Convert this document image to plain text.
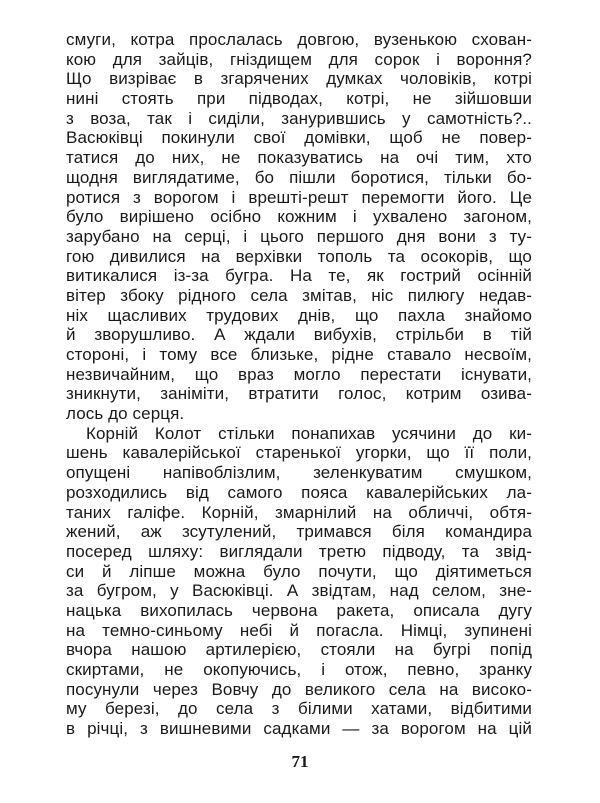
смуги, котра прослалась довгою, вузенькою схован-
кою для зайців, гніздищем для сорок і вороння?
Що визріває в згарячених думках чоловіків, котрі
нині стоять при підводах, котрі, не зійшовши
з воза, так і сиділи, занурившись у самотність?..
Васюківці покинули свої домівки, щоб не повер-
татися до них, не показуватись на очі тим, хто
щодня виглядатиме, бо пішли боротися, тільки бо-
ротися з ворогом і врешті-решт перемогти його. Це
було вирішено осібно кожним і ухвалено загоном,
зарубано на серці, і цього першого дня вони з ту-
гою дивилися на верхівки тополь та осокорів, що
витикалися із-за бугра. На те, як гострий осінній
вітер збоку рідного села змітав, ніс пилюгу недав-
ніх щасливих трудових днів, що пахла знайомо
й зворушливо. А ждали вибухів, стрільби в тій
стороні, і тому все близьке, рідне ставало несвоїм,
незвичайним, що враз могло перестати існувати,
зникнути, заніміти, втратити голос, котрим озива-
лось до серця.
Корній Колот стільки понапихав усячини до ки-
шень кавалерійської старенької угорки, що її поли,
опущені напівоблізлим, зеленкуватим смушком,
розходились від самого пояса кавалерійських ла-
таних галіфе. Корній, змарнілий на обличчі, обтя-
жений, аж зсутулений, тримався біля командира
посеред шляху: виглядали третю підводу, та звід-
си й ліпше можна було почути, що діятиметься
за бугром, у Васюківці. А звідтам, над селом, зне-
нацька вихопилась червона ракета, описала дугу
на темно-синьому небі й погасла. Німці, зупинені
вчора нашою артилерією, стояли на бугрі попід
скиртами, не окопуючись, і отож, певно, зранку
посунули через Вовчу до великого села на високо-
му березі, до села з білими хатами, відбитими
в річці, з вишневими садками — за ворогом на цій
71
